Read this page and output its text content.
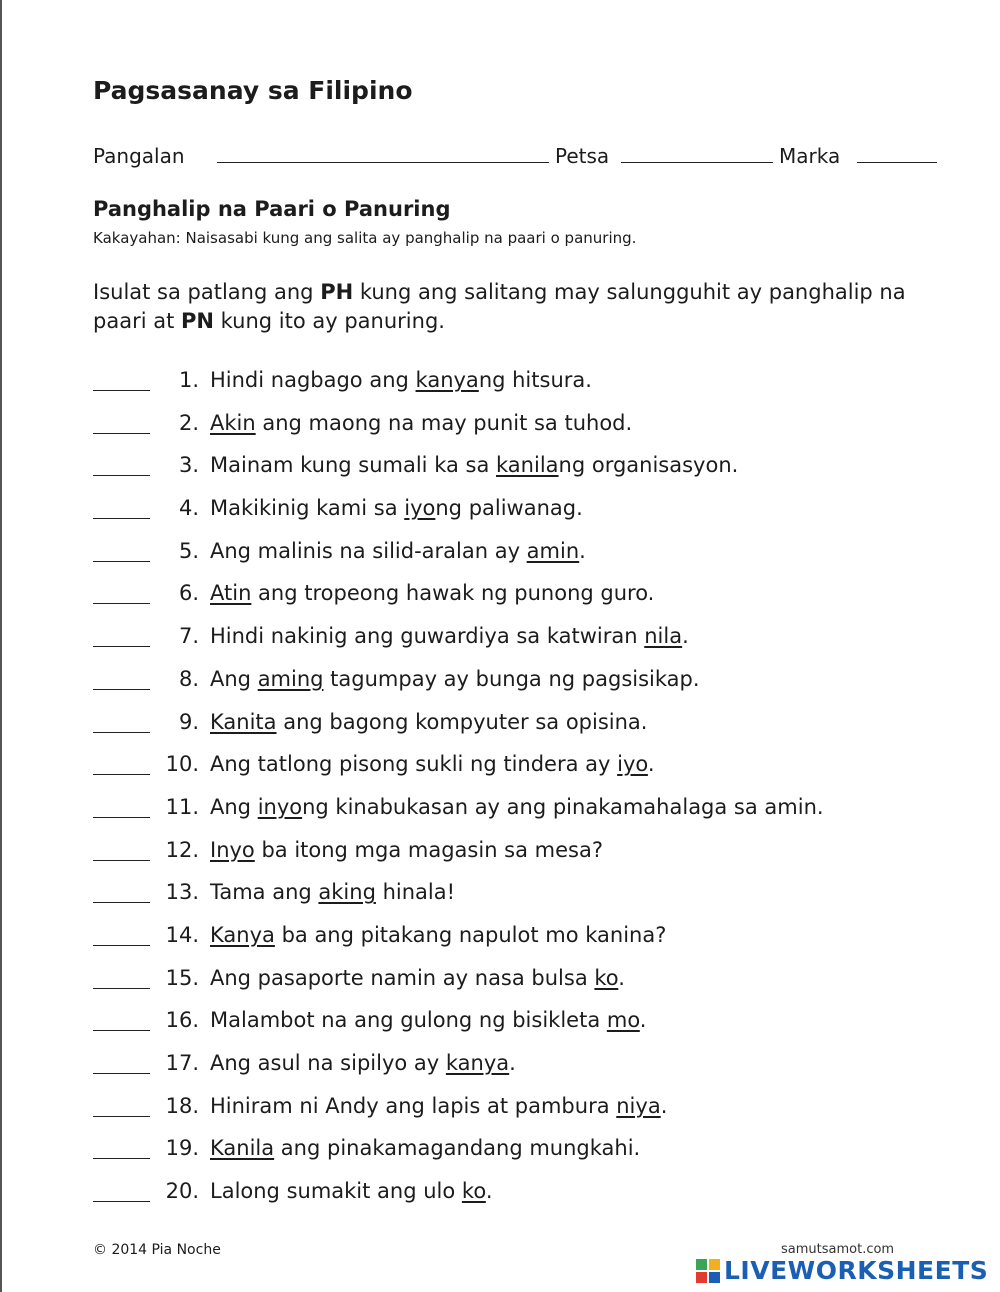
Pagsasanay sa Filipino
Pangalan	Petsa	Marka
Panghalip na Paari o Panuring
Kakayahan: Naisasabi kung ang salita ay panghalip na paari o panuring.
Isulat sa patlang ang PH kung ang salitang may salungguhit ay panghalip na paari at PN kung ito ay panuring.
1. Hindi nagbago ang kanyang hitsura.
2. Akin ang maong na may punit sa tuhod.
3. Mainam kung sumali ka sa kanilang organisasyon.
4. Makikinig kami sa iyong paliwanag.
5. Ang malinis na silid-aralan ay amin.
6. Atin ang tropeong hawak ng punong guro.
7. Hindi nakinig ang guwardiya sa katwiran nila.
8. Ang aming tagumpay ay bunga ng pagsisikap.
9. Kanita ang bagong kompyuter sa opisina.
10. Ang tatlong pisong sukli ng tindera ay iyo.
11. Ang inyong kinabukasan ay ang pinakamahalaga sa amin.
12. Inyo ba itong mga magasin sa mesa?
13. Tama ang aking hinala!
14. Kanya ba ang pitakang napulot mo kanina?
15. Ang pasaporte namin ay nasa bulsa ko.
16. Malambot na ang gulong ng bisikleta mo.
17. Ang asul na sipilyo ay kanya.
18. Hiniram ni Andy ang lapis at pambura niya.
19. Kanila ang pinakamagandang mungkahi.
20. Lalong sumakit ang ulo ko.
© 2014 Pia Noche	samutsamot.com
LIVEWORKSHEETS
